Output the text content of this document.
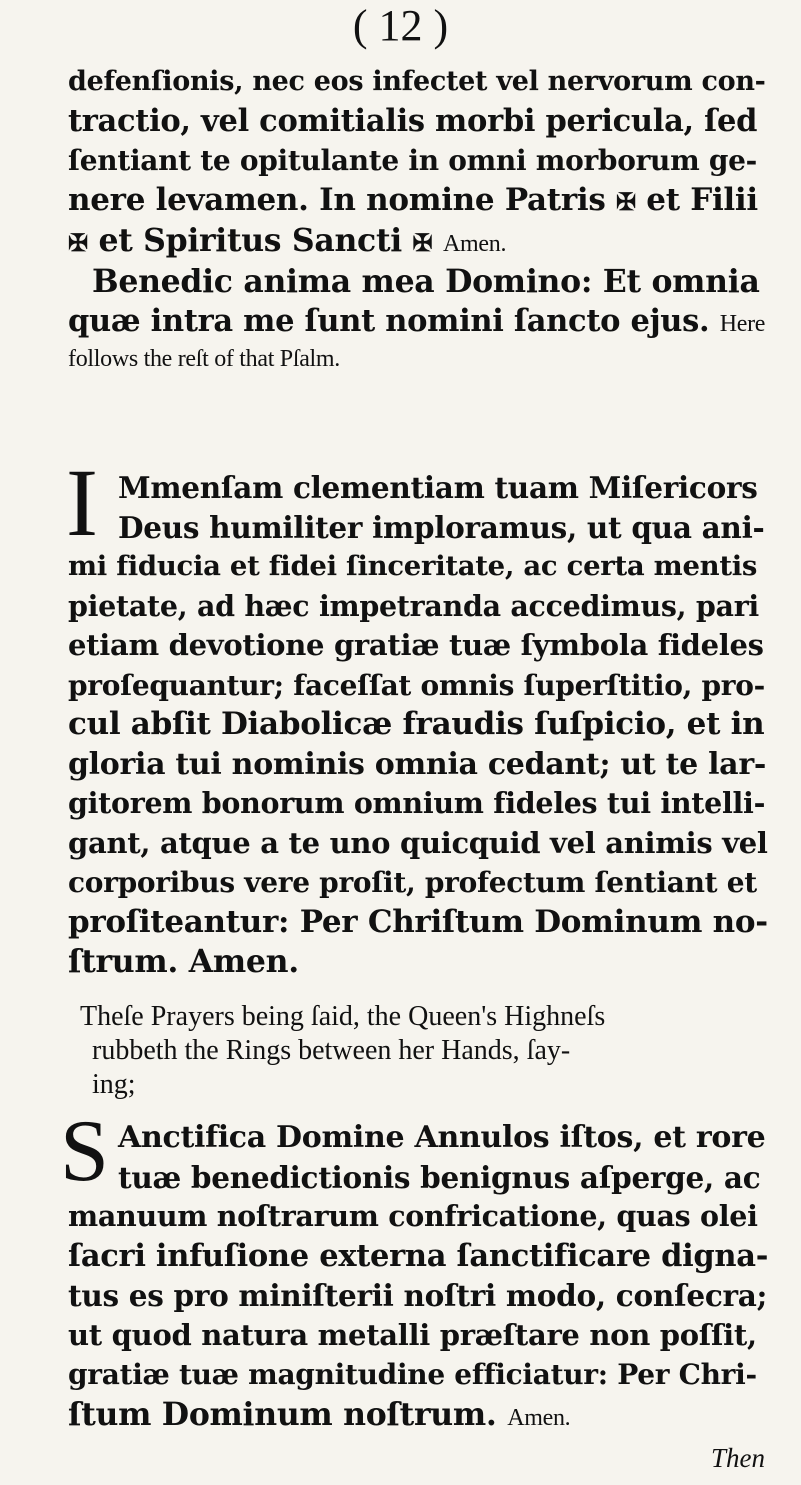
( 12 )
defenſionis, nec eos infectet vel nervorum con-
tractio, vel comitialis morbi pericula, ſed
ſentiant te opitulante in omni morborum ge-
nere levamen. In nomine Patris ✠ et Filii
✠ et Spiritus Sancti ✠ Amen.
Benedic anima mea Domino: Et omnia
quæ intra me ſunt nomini ſancto ejus. Here
follows the reſt of that Pſalm.
I Mmenſam clementiam tuam Miſericors
Deus humiliter imploramus, ut qua ani-
mi fiducia et fidei ſinceritate, ac certa mentis
pietate, ad hæc impetranda accedimus, pari
etiam devotione gratiæ tuæ ſymbola fideles
proſequantur; faceſſat omnis ſuperſtitio, pro-
cul abſit Diabolicæ fraudis ſuſpicio, et in
gloria tui nominis omnia cedant; ut te lar-
gitorem bonorum omnium fideles tui intelli-
gant, atque a te uno quicquid vel animis vel
corporibus vere proſit, profectum ſentiant et
proſiteantur: Per Chriſtum Dominum no-
ſtrum. Amen.
Theſe Prayers being ſaid, the Queen's Highneſs
rubbeth the Rings between her Hands, ſay-
ing;
S Anctifica Domine Annulos iſtos, et rore
tuæ benedictionis benignus aſperge, ac
manuum noſtrarum confricatione, quas olei
ſacri infuſione externa ſanctificare digna-
tus es pro miniſterii noſtri modo, conſecra;
ut quod natura metalli præſtare non poſſit,
gratiæ tuæ magnitudine efficiatur: Per Chri-
ſtum Dominum noſtrum. Amen.
Then
